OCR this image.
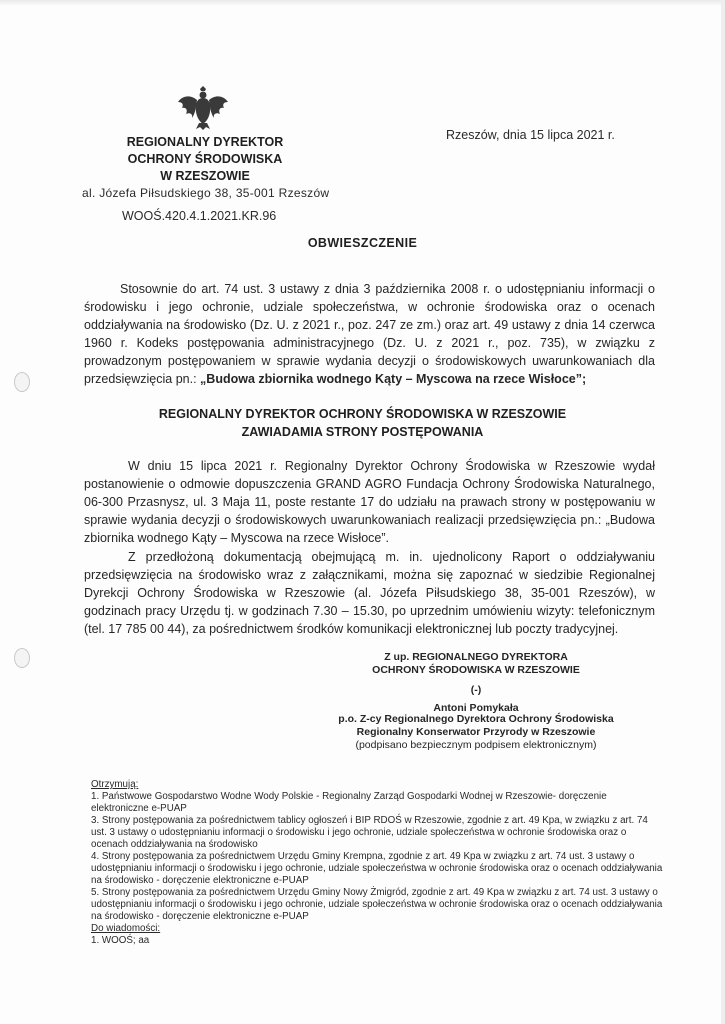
REGIONALNY DYREKTOR
OCHRONY ŚRODOWISKA
W RZESZOWIE
al. Józefa Piłsudskiego 38, 35-001 Rzeszów
WOOŚ.420.4.1.2021.KR.96
Rzeszów, dnia 15 lipca 2021 r.
OBWIESZCZENIE
Stosownie do art. 74 ust. 3 ustawy z dnia 3 października 2008 r. o udostępnianiu informacji o środowisku i jego ochronie, udziale społeczeństwa, w ochronie środowiska oraz o ocenach oddziaływania na środowisko (Dz. U. z 2021 r., poz. 247 ze zm.) oraz art. 49 ustawy z dnia 14 czerwca 1960 r. Kodeks postępowania administracyjnego (Dz. U. z 2021 r., poz. 735), w związku z prowadzonym postępowaniem w sprawie wydania decyzji o środowiskowych uwarunkowaniach dla przedsięwzięcia pn.: „Budowa zbiornika wodnego Kąty – Myscowa na rzece Wisłoce”;
REGIONALNY DYREKTOR OCHRONY ŚRODOWISKA W RZESZOWIE
ZAWIADAMIA STRONY POSTĘPOWANIA
W dniu 15 lipca 2021 r. Regionalny Dyrektor Ochrony Środowiska w Rzeszowie wydał postanowienie o odmowie dopuszczenia GRAND AGRO Fundacja Ochrony Środowiska Naturalnego, 06-300 Przasnysz, ul. 3 Maja 11, poste restante 17 do udziału na prawach strony w postępowaniu w sprawie wydania decyzji o środowiskowych uwarunkowaniach realizacji przedsięwzięcia pn.: „Budowa zbiornika wodnego Kąty – Myscowa na rzece Wisłoce”.
Z przedłożoną dokumentacją obejmującą m. in. ujednolicony Raport o oddziaływaniu przedsięwzięcia na środowisko wraz z załącznikami, można się zapoznać w siedzibie Regionalnej Dyrekcji Ochrony Środowiska w Rzeszowie (al. Józefa Piłsudskiego 38, 35-001 Rzeszów), w godzinach pracy Urzędu tj. w godzinach 7.30 – 15.30, po uprzednim umówieniu wizyty: telefonicznym (tel. 17 785 00 44), za pośrednictwem środków komunikacji elektronicznej lub poczty tradycyjnej.
Z up. REGIONALNEGO DYREKTORA
OCHRONY ŚRODOWISKA W RZESZOWIE
(-)
Antoni Pomykała
p.o. Z-cy Regionalnego Dyrektora Ochrony Środowiska
Regionalny Konserwator Przyrody w Rzeszowie
(podpisano bezpiecznym podpisem elektronicznym)
Otrzymują:

1. Państwowe Gospodarstwo Wodne Wody Polskie - Regionalny Zarząd Gospodarki Wodnej w Rzeszowie- doręczenie elektroniczne e-PUAP

3. Strony postępowania za pośrednictwem tablicy ogłoszeń i BIP RDOŚ w Rzeszowie, zgodnie z art. 49 Kpa, w związku z art. 74 ust. 3 ustawy o udostępnianiu informacji o środowisku i jego ochronie, udziale społeczeństwa w ochronie środowiska oraz o ocenach oddziaływania na środowisko

4. Strony postępowania za pośrednictwem Urzędu Gminy Krempna, zgodnie z art. 49 Kpa w związku z art. 74 ust. 3 ustawy o udostępnianiu informacji o środowisku i jego ochronie, udziale społeczeństwa w ochronie środowiska oraz o ocenach oddziaływania na środowisko - doręczenie elektroniczne e-PUAP

5. Strony postępowania za pośrednictwem Urzędu Gminy Nowy Żmigród, zgodnie z art. 49 Kpa w związku z art. 74 ust. 3 ustawy o udostępnianiu informacji o środowisku i jego ochronie, udziale społeczeństwa w ochronie środowiska oraz o ocenach oddziaływania na środowisko - doręczenie elektroniczne e-PUAP

Do wiadomości:

1. WOOŚ; aa
